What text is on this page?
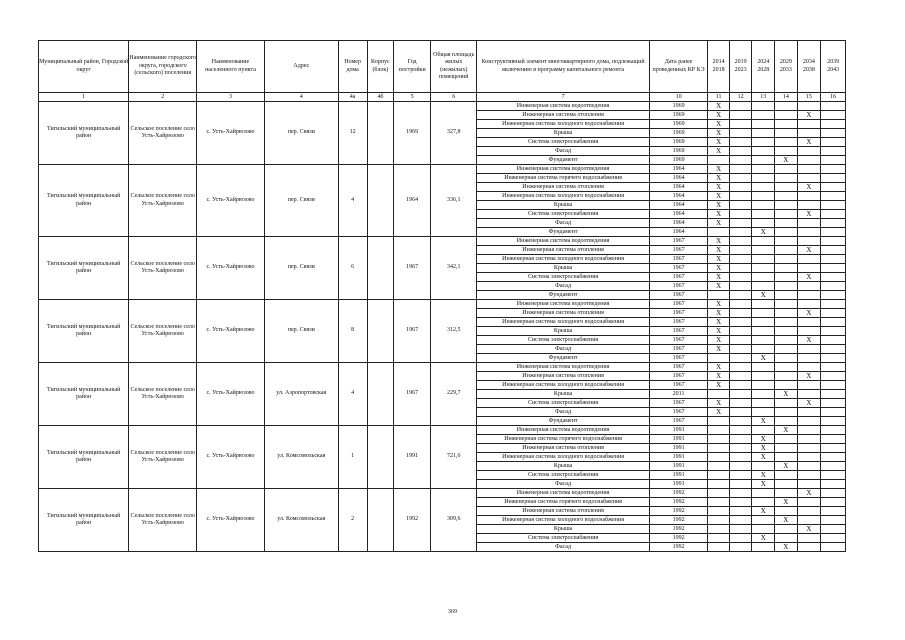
Муниципальный район, Городской округ	Наименование городского округа, городского (сельского) поселения	Наименование населенного пункта	Адрес	Номер дома	Корпус (блок)	Год постройки	Общая площадь жилых (нежилых) помещений	Конструктивный элемент многоквартирного дома, подлежащий включению в программу капитального ремонта	Дата ранее проведенных КР КЭ	2014 2018	2019 2023	2024 2028	2029 2033	2034 2038	2039 2043
1	2	3	4	4а	4б	5	6	7	10	11	12	13	14	15	16
Тигильский муниципальный район	Сельское поселение село Усть-Хайрюзово	с. Усть-Хайрюзово	пер. Связи	12		1969	327,8	Инженерная система водоотведения	1969	X					
								Инженерная система отопления	1969	X				X	
								Инженерная система холодного водоснабжения	1969	X					
								Крыша	1969	X					
								Система электроснабжения	1969	X				X	
								Фасад	1969	X					
								Фундамент	1969				X		
Тигильский муниципальный район	Сельское поселение село Усть-Хайрюзово	с. Усть-Хайрюзово	пер. Связи	4		1964	336,1	Инженерная система водоотведения	1964	X					
								Инженерная система горячего водоснабжения	1964	X					
								Инженерная система отопления	1964	X				X	
								Инженерная система холодного водоснабжения	1964	X					
								Крыша	1964	X					
								Система электроснабжения	1964	X				X	
								Фасад	1964	X					
								Фундамент	1964			X			
Тигильский муниципальный район	Сельское поселение село Усть-Хайрюзово	с. Усть-Хайрюзово	пер. Связи	6		1967	342,1	Инженерная система водоотведения	1967	X					
								Инженерная система отопления	1967	X				X	
								Инженерная система холодного водоснабжения	1967	X					
								Крыша	1967	X					
								Система электроснабжения	1967	X				X	
								Фасад	1967	X					
								Фундамент	1967			X			
Тигильский муниципальный район	Сельское поселение село Усть-Хайрюзово	с. Усть-Хайрюзово	пер. Связи	8		1967	312,5	Инженерная система водоотведения	1967	X					
								Инженерная система отопления	1967	X				X	
								Инженерная система холодного водоснабжения	1967	X					
								Крыша	1967	X					
								Система электроснабжения	1967	X				X	
								Фасад	1967	X					
								Фундамент	1967			X			
Тигильский муниципальный район	Сельское поселение село Усть-Хайрюзово	с. Усть-Хайрюзово	ул. Аэропортовская	4		1967	229,7	Инженерная система водоотведения	1967	X					
								Инженерная система отопления	1967	X				X	
								Инженерная система холодного водоснабжения	1967	X					
								Крыша	2011				X		
								Система электроснабжения	1967	X				X	
								Фасад	1967	X					
								Фундамент	1967			X			
Тигильский муниципальный район	Сельское поселение село Усть-Хайрюзово	с. Усть-Хайрюзово	ул. Комсомольская	1		1991	721,6	Инженерная система водоотведения	1991				X		
								Инженерная система горячего водоснабжения	1991			X			
								Инженерная система отопления	1991			X			
								Инженерная система холодного водоснабжения	1991			X			
								Крыша	1991				X		
								Система электроснабжения	1991			X			
								Фасад	1991			X			
Тигильский муниципальный район	Сельское поселение село Усть-Хайрюзово	с. Усть-Хайрюзово	ул. Комсомольская	2		1992	309,6	Инженерная система водоотведения	1992					X	
								Инженерная система горячего водоснабжения	1992				X		
								Инженерная система отопления	1992			X			
								Инженерная система холодного водоснабжения	1992				X		
								Крыша	1992					X	
								Система электроснабжения	1992			X			
								Фасад	1992				X		
369
